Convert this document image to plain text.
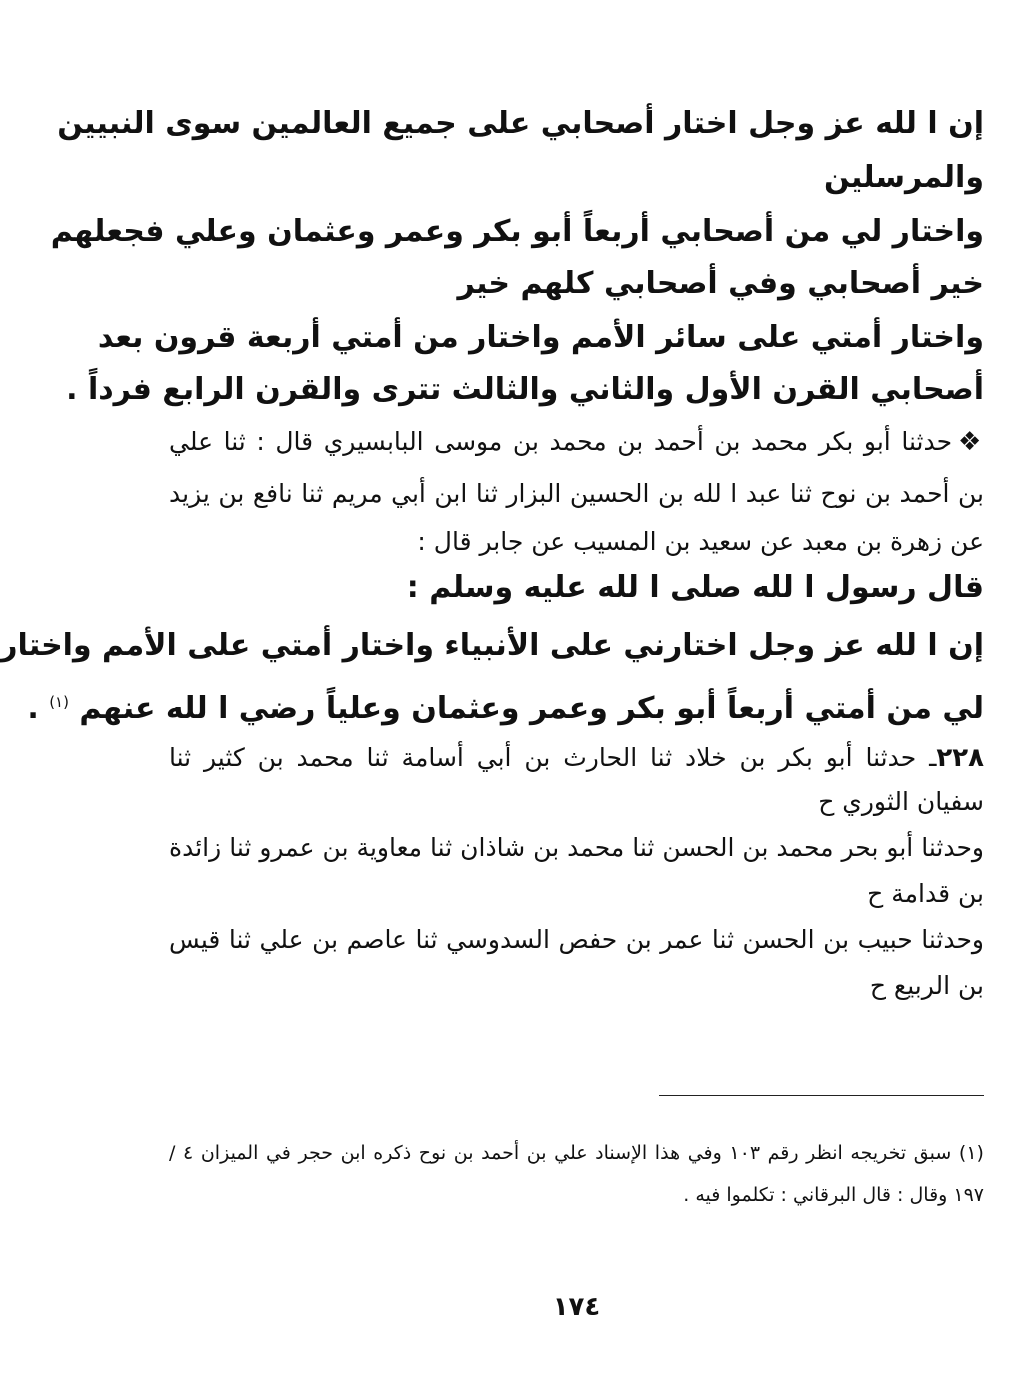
إن ا لله عز وجل اختار أصحابي على جميع العالمين سوى النبيين
والمرسلين
واختار لي من أصحابي أربعاً أبو بكر وعمر وعثمان وعلي فجعلهم
خير أصحابي وفي أصحابي كلهم خير
واختار أمتي على سائر الأمم واختار من أمتي أربعة قرون بعد
أصحابي القرن الأول والثاني والثالث تترى والقرن الرابع فرداً .
❖حدثنا أبو بكر محمد بن أحمد بن محمد بن موسى البابسيري قال : ثنا علي
بن أحمد بن نوح ثنا عبد ا لله بن الحسين البزار ثنا ابن أبي مريم ثنا نافع بن يزيد
عن زهرة بن معبد عن سعيد بن المسيب عن جابر قال :
قال رسول ا لله صلى ا لله عليه وسلم :
إن ا لله عز وجل اختارني على الأنبياء واختار أمتي على الأمم واختار
لي من أمتي أربعاً أبو بكر وعمر وعثمان وعلياً رضي ا لله عنهم $^{(١)}$ .
٢٢٨ـ حدثنا أبو بكر بن خلاد ثنا الحارث بن أبي أسامة ثنا محمد بن كثير ثنا
سفيان الثوري ح
وحدثنا أبو بحر محمد بن الحسن ثنا محمد بن شاذان ثنا معاوية بن عمرو ثنا زائدة
بن قدامة ح
وحدثنا حبيب بن الحسن ثنا عمر بن حفص السدوسي ثنا عاصم بن علي ثنا قيس
بن الربيع ح
(١) سبق تخريجه انظر رقم ١٠٣ وفي هذا الإسناد علي بن أحمد بن نوح ذكره ابن حجر في الميزان ٤ /
١٩٧ وقال : قال البرقاني : تكلموا فيه .
١٧٤
